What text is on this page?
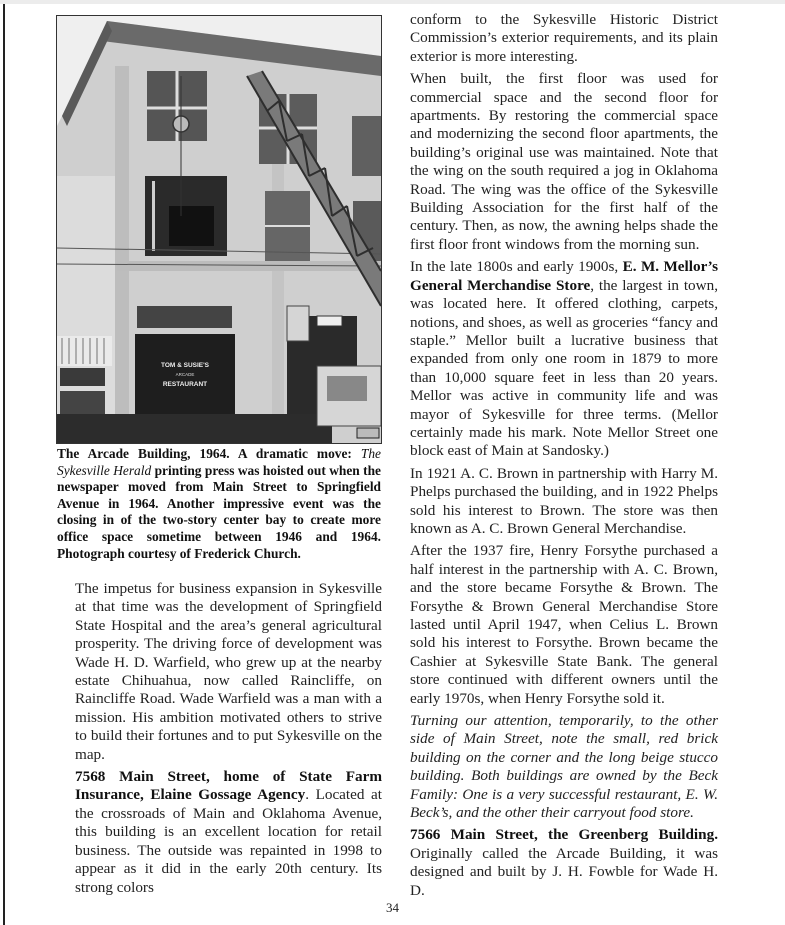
TOM & SUSIE'S
ARCADE
RESTAURANT
The Arcade Building, 1964. A dramatic move: The Sykesville Herald printing press was hoisted out when the newspaper moved from Main Street to Springfield Avenue in 1964. Another impressive event was the closing in of the two-story center bay to create more office space sometime between 1946 and 1964. Photograph courtesy of Frederick Church.

The impetus for business expansion in Sykesville at that time was the development of Springfield State Hospital and the area’s general agricultural prosperity. The driving force of development was Wade H. D. Warfield, who grew up at the nearby estate Chihuahua, now called Raincliffe, on Raincliffe Road. Wade Warfield was a man with a mission. His ambition motivated others to strive to build their fortunes and to put Sykesville on the map.

7568 Main Street, home of State Farm Insurance, Elaine Gossage Agency. Located at the crossroads of Main and Oklahoma Avenue, this building is an excellent location for retail business. The outside was repainted in 1998 to appear as it did in the early 20th century. Its strong colors

conform to the Sykesville Historic District Commission’s exterior requirements, and its plain exterior is more interesting.

When built, the first floor was used for commercial space and the second floor for apartments. By restoring the commercial space and modernizing the second floor apartments, the building’s original use was maintained. Note that the wing on the south required a jog in Oklahoma Road. The wing was the office of the Sykesville Building Association for the first half of the century. Then, as now, the awning helps shade the first floor front windows from the morning sun.

In the late 1800s and early 1900s, E. M. Mellor’s General Merchandise Store, the largest in town, was located here. It offered clothing, carpets, notions, and shoes, as well as groceries “fancy and staple.” Mellor built a lucrative business that expanded from only one room in 1879 to more than 10,000 square feet in less than 20 years. Mellor was active in community life and was mayor of Sykesville for three terms. (Mellor certainly made his mark. Note Mellor Street one block east of Main at Sandosky.)

In 1921 A. C. Brown in partnership with Harry M. Phelps purchased the building, and in 1922 Phelps sold his interest to Brown. The store was then known as A. C. Brown General Merchandise.

After the 1937 fire, Henry Forsythe purchased a half interest in the partnership with A. C. Brown, and the store became Forsythe & Brown. The Forsythe & Brown General Merchandise Store lasted until April 1947, when Celius L. Brown sold his interest to Forsythe. Brown became the Cashier at Sykesville State Bank. The general store continued with different owners until the early 1970s, when Henry Forsythe sold it.

Turning our attention, temporarily, to the other side of Main Street, note the small, red brick building on the corner and the long beige stucco building. Both buildings are owned by the Beck Family: One is a very successful restaurant, E. W. Beck’s, and the other their carryout food store.

7566 Main Street, the Greenberg Building. Originally called the Arcade Building, it was designed and built by J. H. Fowble for Wade H. D.

34
